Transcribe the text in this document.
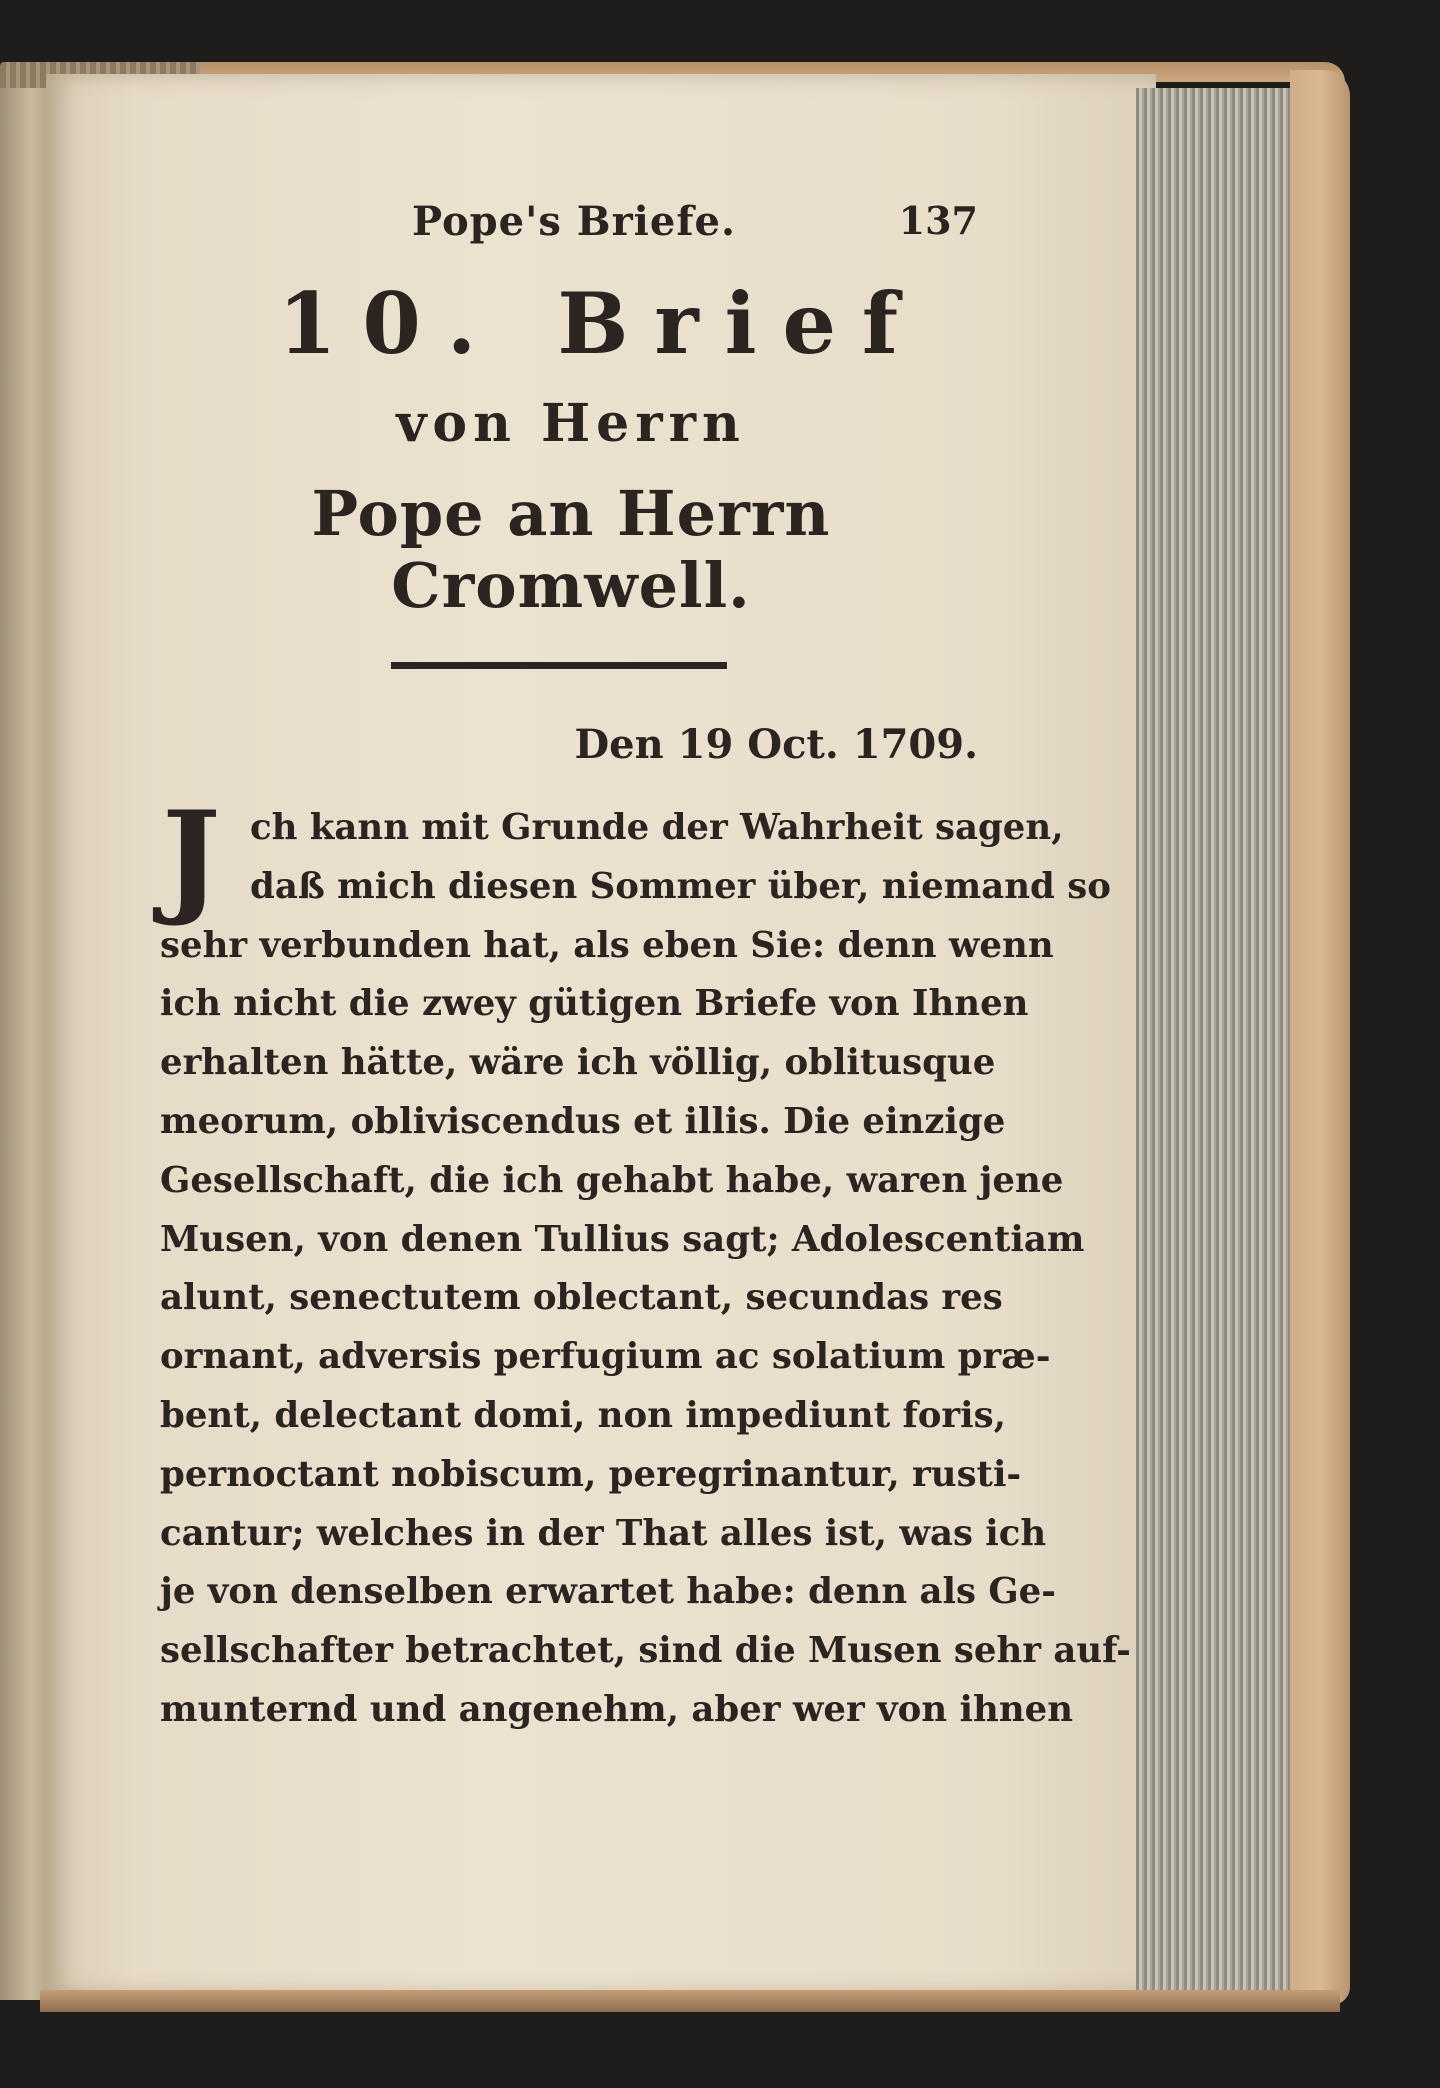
Pope's Briefe.	137
10. Brief
von Herrn
Pope an Herrn Cromwell.
Den 19 Oct. 1709.
J ch kann mit Grunde der Wahrheit sagen,
daß mich diesen Sommer über, niemand so
sehr verbunden hat, als eben Sie: denn wenn
ich nicht die zwey gütigen Briefe von Ihnen
erhalten hätte, wäre ich völlig, oblitusque
meorum, obliviscendus et illis. Die einzige
Gesellschaft, die ich gehabt habe, waren jene
Musen, von denen Tullius sagt; Adolescentiam
alunt, senectutem oblectant, secundas res
ornant, adversis perfugium ac solatium præ-
bent, delectant domi, non impediunt foris,
pernoctant nobiscum, peregrinantur, rusti-
cantur; welches in der That alles ist, was ich
je von denselben erwartet habe: denn als Ge-
sellschafter betrachtet, sind die Musen sehr auf-
munternd und angenehm, aber wer von ihnen
